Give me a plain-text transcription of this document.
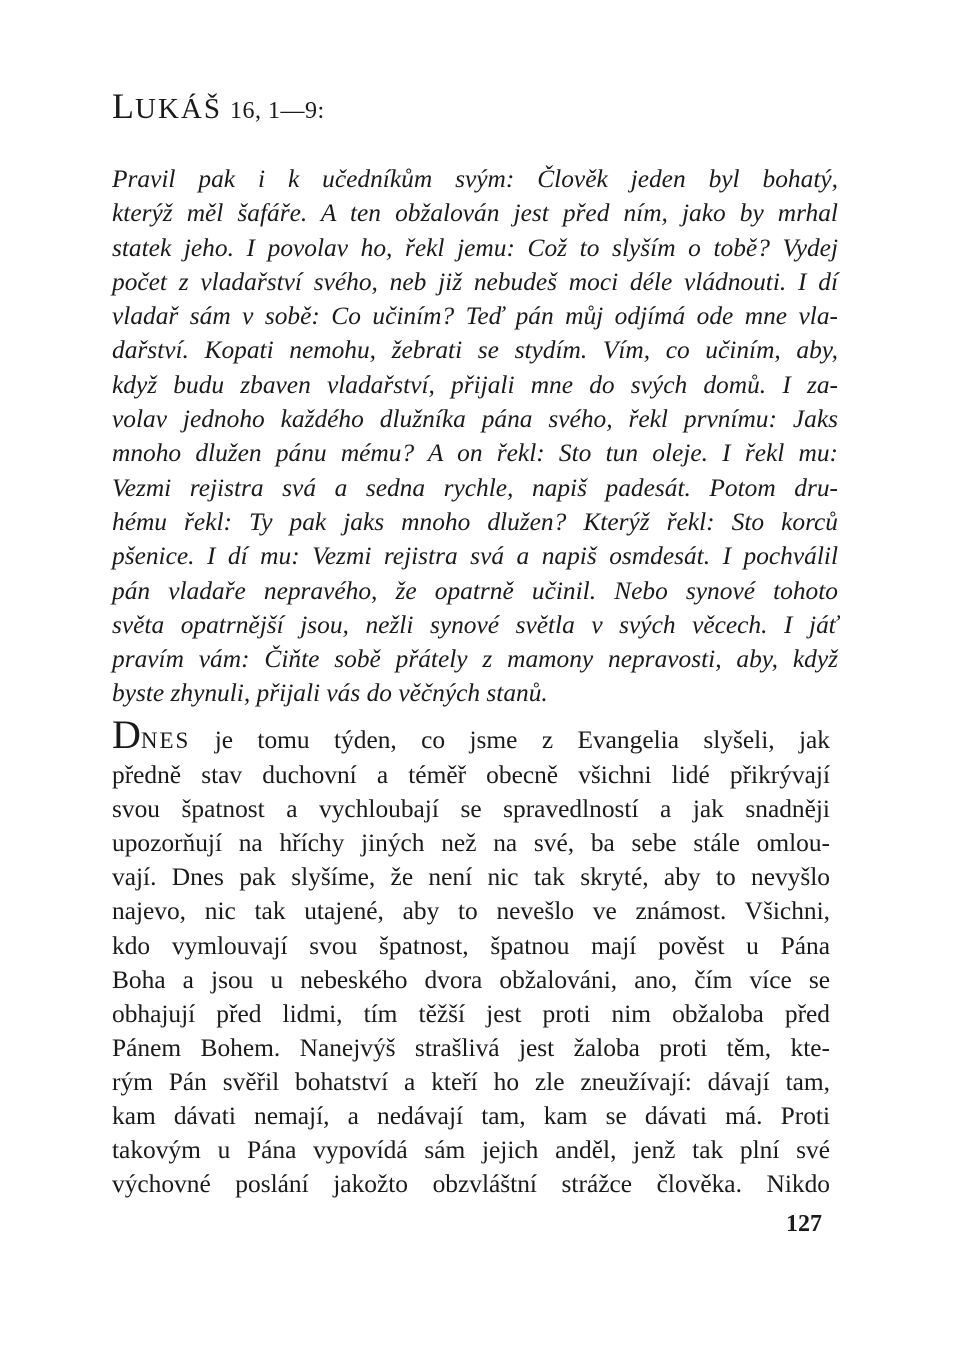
LUKÁŠ 16, 1—9:
Pravil pak i k učedníkům svým: Člověk jeden byl bohatý,
kterýž měl šafáře. A ten obžalován jest před ním, jako by mrhal
statek jeho. I povolav ho, řekl jemu: Což to slyším o tobě? Vydej
počet z vladařství svého, neb již nebudeš moci déle vládnouti. I dí
vladař sám v sobě: Co učiním? Teď pán můj odjímá ode mne vla-
dařství. Kopati nemohu, žebrati se stydím. Vím, co učiním, aby,
když budu zbaven vladařství, přijali mne do svých domů. I za-
volav jednoho každého dlužníka pána svého, řekl prvnímu: Jaks
mnoho dlužen pánu mému? A on řekl: Sto tun oleje. I řekl mu:
Vezmi rejistra svá a sedna rychle, napiš padesát. Potom dru-
hému řekl: Ty pak jaks mnoho dlužen? Kterýž řekl: Sto korců
pšenice. I dí mu: Vezmi rejistra svá a napiš osmdesát. I pochválil
pán vladaře nepravého, že opatrně učinil. Nebo synové tohoto
světa opatrnější jsou, nežli synové světla v svých věcech. I jáť
pravím vám: Čiňte sobě přátely z mamony nepravosti, aby, když
byste zhynuli, přijali vás do věčných stanů.
DNES je tomu týden, co jsme z Evangelia slyšeli, jak
předně stav duchovní a téměř obecně všichni lidé přikrývají
svou špatnost a vychloubají se spravedlností a jak snadněji
upozorňují na hříchy jiných než na své, ba sebe stále omlou-
vají. Dnes pak slyšíme, že není nic tak skryté, aby to nevyšlo
najevo, nic tak utajené, aby to nevešlo ve známost. Všichni,
kdo vymlouvají svou špatnost, špatnou mají pověst u Pána
Boha a jsou u nebeského dvora obžalováni, ano, čím více se
obhajují před lidmi, tím těžší jest proti nim obžaloba před
Pánem Bohem. Nanejvýš strašlivá jest žaloba proti těm, kte-
rým Pán svěřil bohatství a kteří ho zle zneužívají: dávají tam,
kam dávati nemají, a nedávají tam, kam se dávati má. Proti
takovým u Pána vypovídá sám jejich anděl, jenž tak plní své
výchovné poslání jakožto obzvláštní strážce člověka. Nikdo
127
